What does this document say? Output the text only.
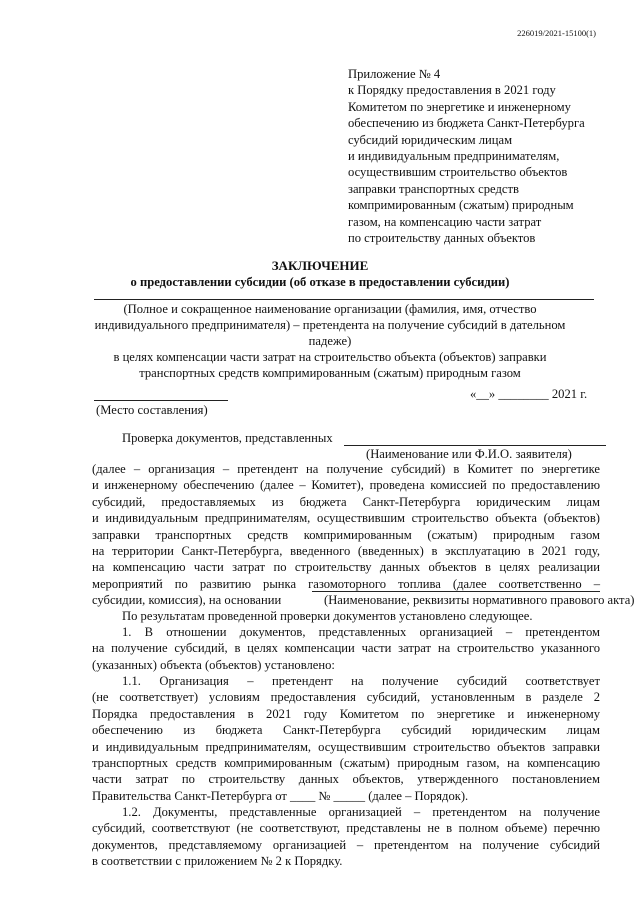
226019/2021-15100(1)
Приложение № 4
к Порядку предоставления в 2021 году
Комитетом по энергетике и инженерному
обеспечению из бюджета Санкт-Петербурга
субсидий юридическим лицам
и индивидуальным предпринимателям,
осуществившим строительство объектов
заправки транспортных средств
компримированным (сжатым) природным
газом, на компенсацию части затрат
по строительству данных объектов
ЗАКЛЮЧЕНИЕ
о предоставлении субсидии (об отказе в предоставлении субсидии)
(Полное и сокращенное наименование организации (фамилия, имя, отчество
индивидуального предпринимателя) – претендента на получение субсидий в дательном
падеже)
в целях компенсации части затрат на строительство объекта (объектов) заправки
транспортных средств компримированным (сжатым) природным газом
«__» ________ 2021 г.
(Место составления)
Проверка документов, представленных
(Наименование или Ф.И.О. заявителя)
(далее – организация – претендент на получение субсидий) в Комитет по энергетике
и инженерному обеспечению (далее – Комитет), проведена комиссией по предоставлению
субсидий, предоставляемых из бюджета Санкт-Петербурга юридическим лицам
и индивидуальным предпринимателям, осуществившим строительство объекта (объектов)
заправки транспортных средств компримированным (сжатым) природным газом
на территории Санкт-Петербурга, введенного (введенных) в эксплуатацию в 2021 году,
на компенсацию части затрат по строительству данных объектов в целях реализации
мероприятий по развитию рынка газомоторного топлива (далее соответственно –
субсидии, комиссия), на основании	(Наименование, реквизиты нормативного правового акта)
По результатам проведенной проверки документов установлено следующее.
1. В отношении документов, представленных организацией – претендентом
на получение субсидий, в целях компенсации части затрат на строительство указанного
(указанных) объекта (объектов) установлено:
1.1. Организация – претендент на получение субсидий соответствует
(не соответствует) условиям предоставления субсидий, установленным в разделе 2
Порядка предоставления в 2021 году Комитетом по энергетике и инженерному
обеспечению из бюджета Санкт-Петербурга субсидий юридическим лицам
и индивидуальным предпринимателям, осуществившим строительство объектов заправки
транспортных средств компримированным (сжатым) природным газом, на компенсацию
части затрат по строительству данных объектов, утвержденного постановлением
Правительства Санкт-Петербурга от ____ № _____ (далее – Порядок).
1.2. Документы, представленные организацией – претендентом на получение
субсидий, соответствуют (не соответствуют, представлены не в полном объеме) перечню
документов, представляемому организацией – претендентом на получение субсидий
в соответствии с приложением № 2 к Порядку.
